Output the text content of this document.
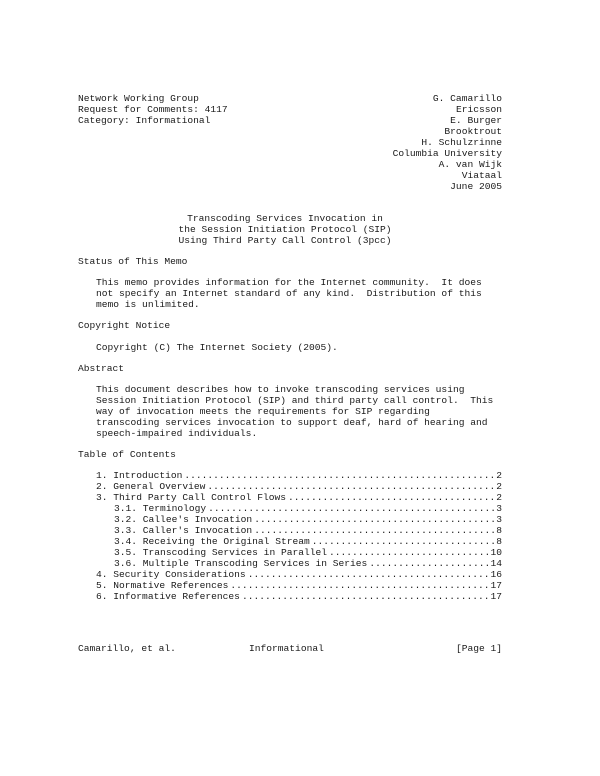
Network Working Group
Request for Comments: 4117
Category: Informational
G. Camarillo
Ericsson
E. Burger
Brooktrout
H. Schulzrinne
Columbia University
A. van Wijk
Viataal
June 2005
Transcoding Services Invocation in
the Session Initiation Protocol (SIP)
Using Third Party Call Control (3pcc)
Status of This Memo
This memo provides information for the Internet community.  It does
not specify an Internet standard of any kind.  Distribution of this
memo is unlimited.
Copyright Notice
Copyright (C) The Internet Society (2005).
Abstract
This document describes how to invoke transcoding services using
Session Initiation Protocol (SIP) and third party call control.  This
way of invocation meets the requirements for SIP regarding
transcoding services invocation to support deaf, hard of hearing and
speech-impaired individuals.
Table of Contents
1. Introduction .....	2
2. General Overview .....	2
3. Third Party Call Control Flows .....	2
3.1. Terminology .....	3
3.2. Callee's Invocation .....	3
3.3. Caller's Invocation .....	8
3.4. Receiving the Original Stream .....	8
3.5. Transcoding Services in Parallel .....	10
3.6. Multiple Transcoding Services in Series .....	14
4. Security Considerations .....	16
5. Normative References .....	17
6. Informative References .....	17
Camarillo, et al.	Informational	[Page 1]
